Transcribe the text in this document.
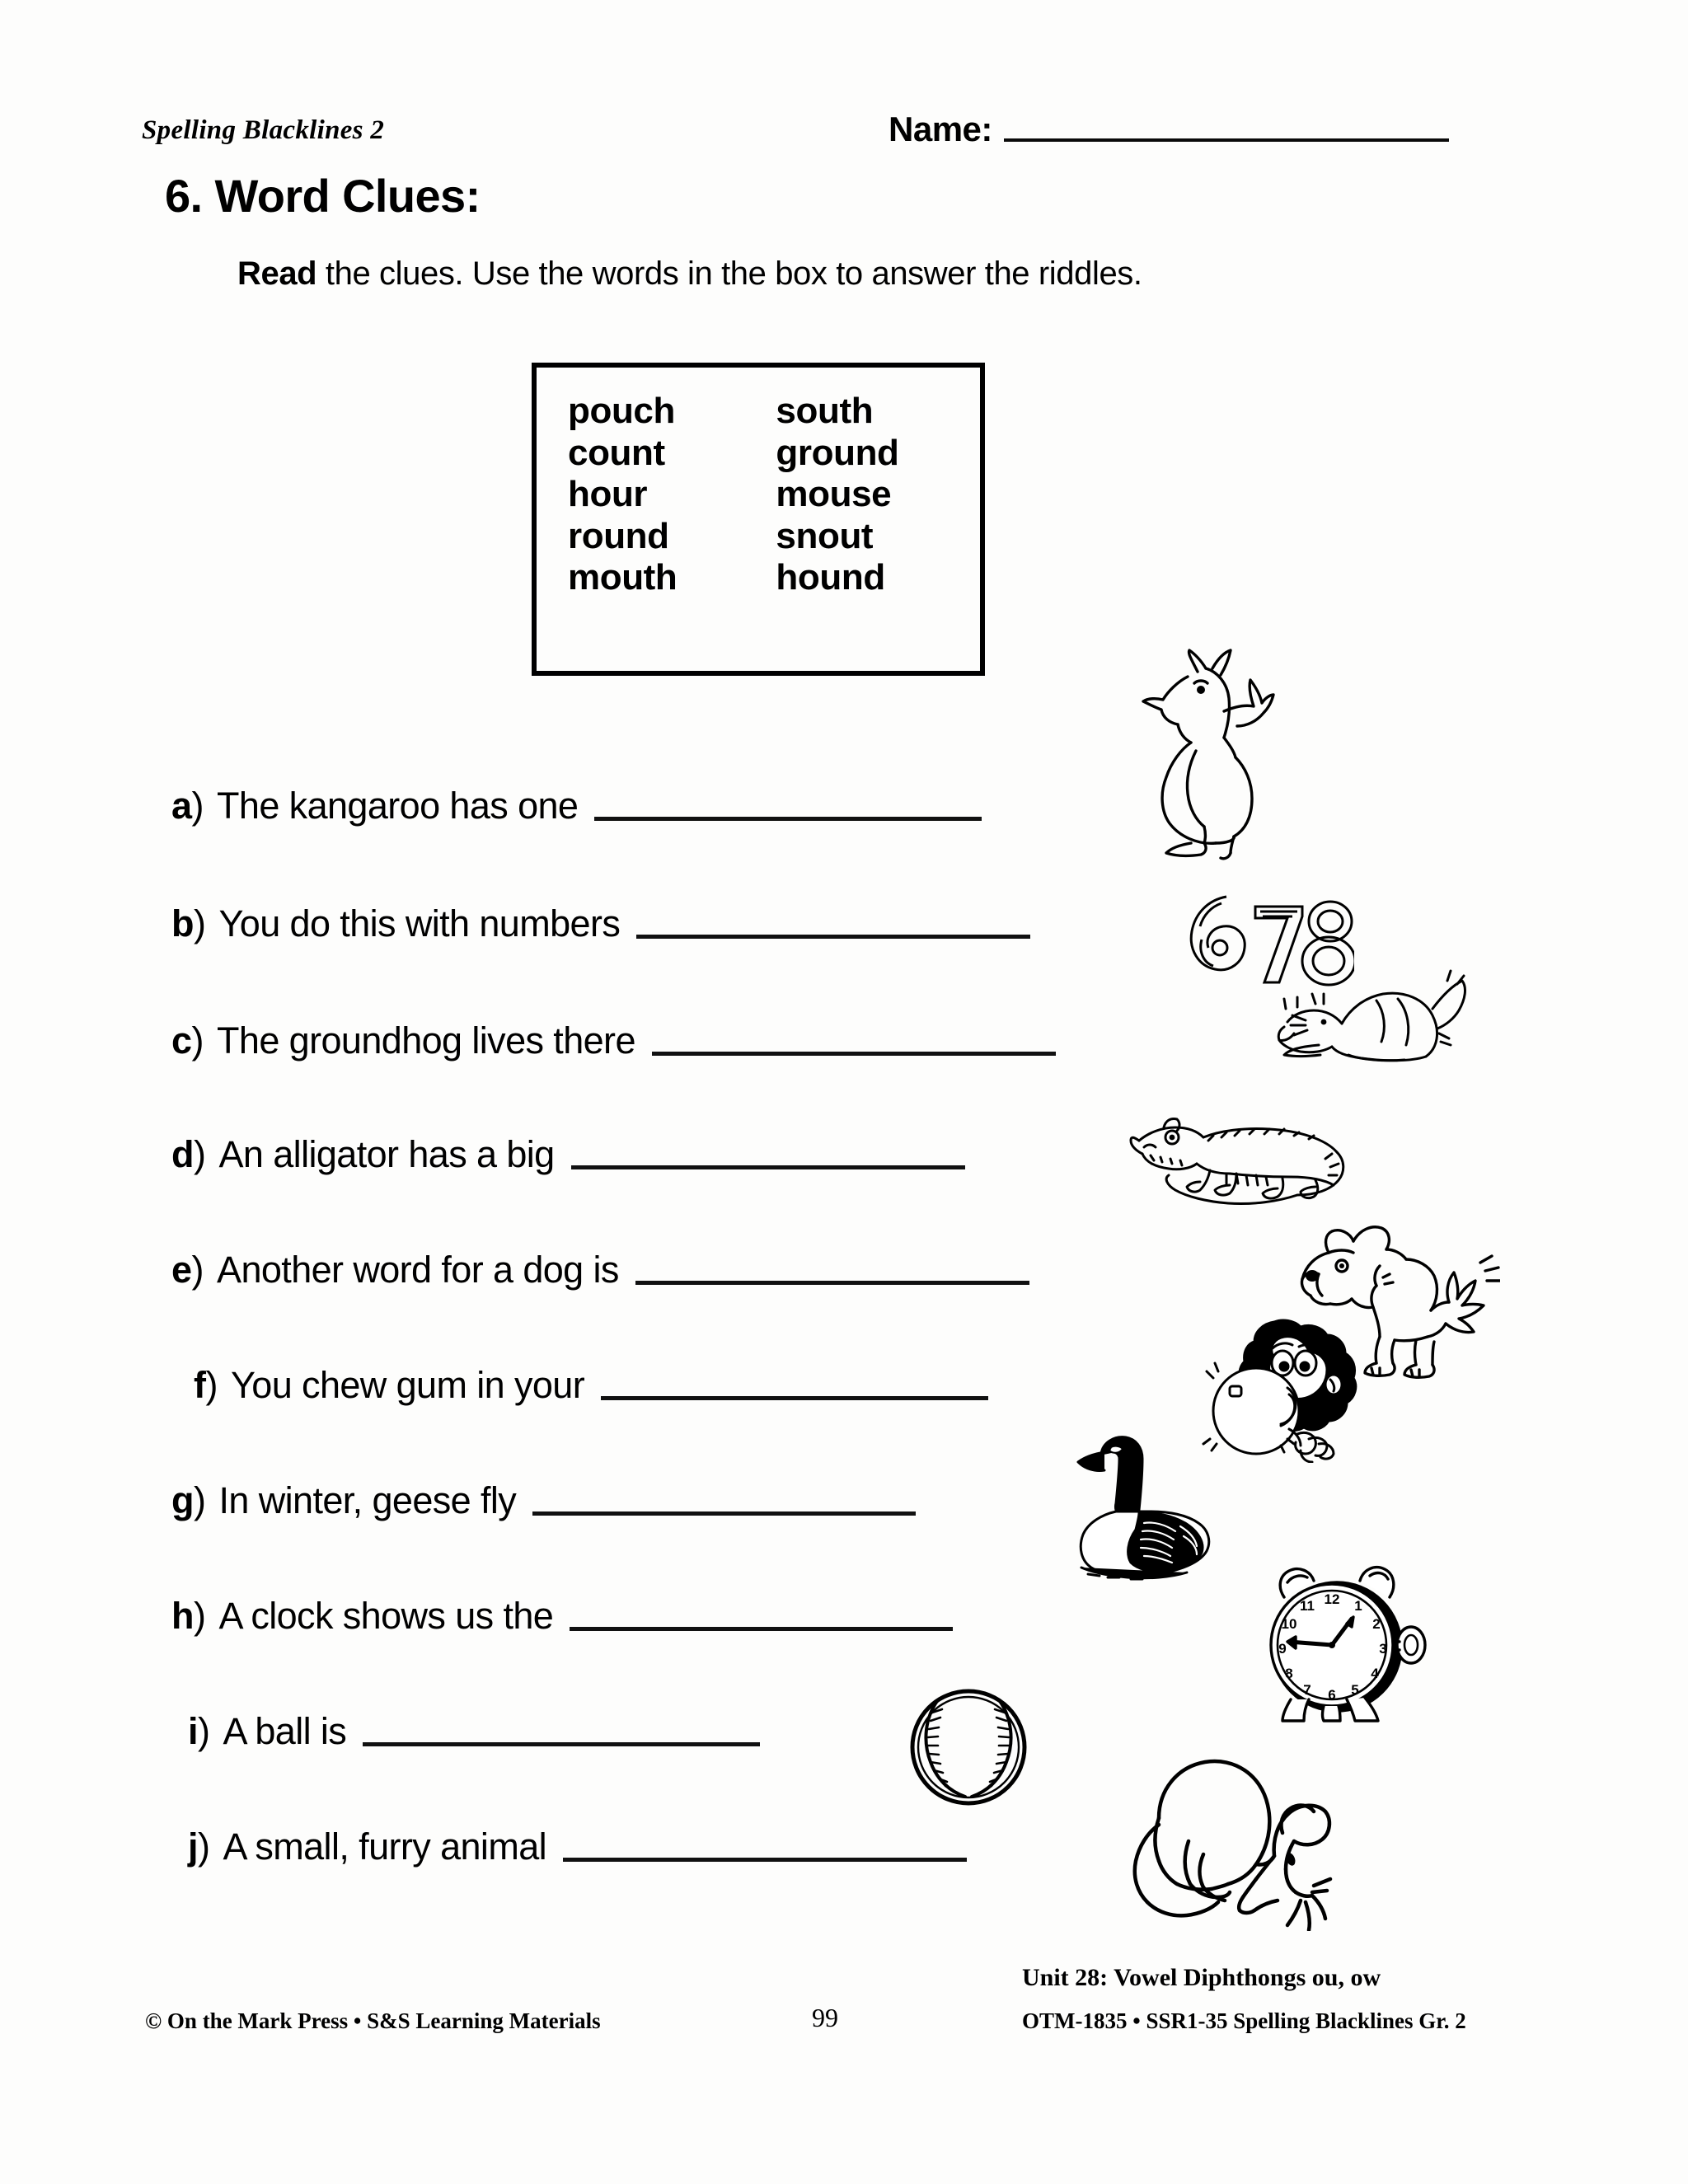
Spelling Blacklines 2	Name:
6. Word Clues:
Read the clues. Use the words in the box to answer the riddles.
pouch
count
hour
round
mouth
south
ground
mouse
snout
hound
12 1
2
3
4
5
6
7
8
9
10
11
a) The kangaroo has one
b) You do this with numbers
c) The groundhog lives there
d) An alligator has a big
e) Another word for a dog is
f) You chew gum in your
g) In winter, geese fly
h) A clock shows us the
i) A ball is
j) A small, furry animal
© On the Mark Press • S&S Learning Materials	99
Unit 28: Vowel Diphthongs ou, ow
OTM-1835 • SSR1-35 Spelling Blacklines Gr. 2
